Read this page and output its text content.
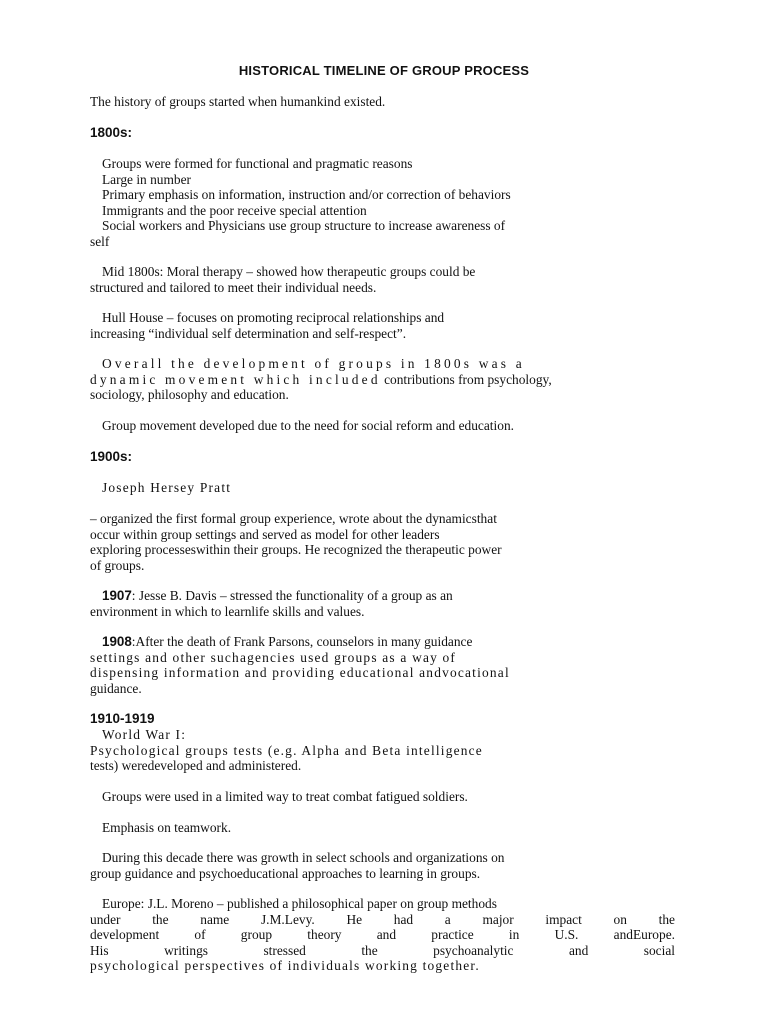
HISTORICAL TIMELINE OF GROUP PROCESS
The history of groups started when humankind existed.
1800s:
Groups were formed for functional and pragmatic reasons
Large in number
Primary emphasis on information, instruction and/or correction of behaviors
Immigrants and the poor receive special attention
Social workers and Physicians use group structure to increase awareness of
self
Mid 1800s: Moral therapy – showed how therapeutic groups could be
structured and tailored to meet their individual needs.
Hull House – focuses on promoting reciprocal relationships and
increasing “individual self determination and self-respect”.
Overall the development of groups in 1800s was a
dynamic movement which included contributions from psychology,
sociology, philosophy and education.
Group movement developed due to the need for social reform and education.
1900s:
Joseph Hersey Pratt
– organized the first formal group experience, wrote about the dynamicsthat
occur within group settings and served as model for other leaders
exploring processeswithin their groups. He recognized the therapeutic power
of groups.
1907: Jesse B. Davis – stressed the functionality of a group as an
environment in which to learnlife skills and values.
1908:After the death of Frank Parsons, counselors in many guidance
settings and other suchagencies used groups as a way of
dispensing information and providing educational andvocational
guidance.
1910-1919
World War I:
Psychological groups tests (e.g. Alpha and Beta intelligence
tests) weredeveloped and administered.
Groups were used in a limited way to treat combat fatigued soldiers.
Emphasis on teamwork.
During this decade there was growth in select schools and organizations on
group guidance and psychoeducational approaches to learning in groups.
Europe: J.L. Moreno – published a philosophical paper on group methods
under the name J.M.Levy. He had a major impact on the
development of group theory and practice in U.S. andEurope.
His writings stressed the psychoanalytic and social
psychological perspectives of individuals working together.
